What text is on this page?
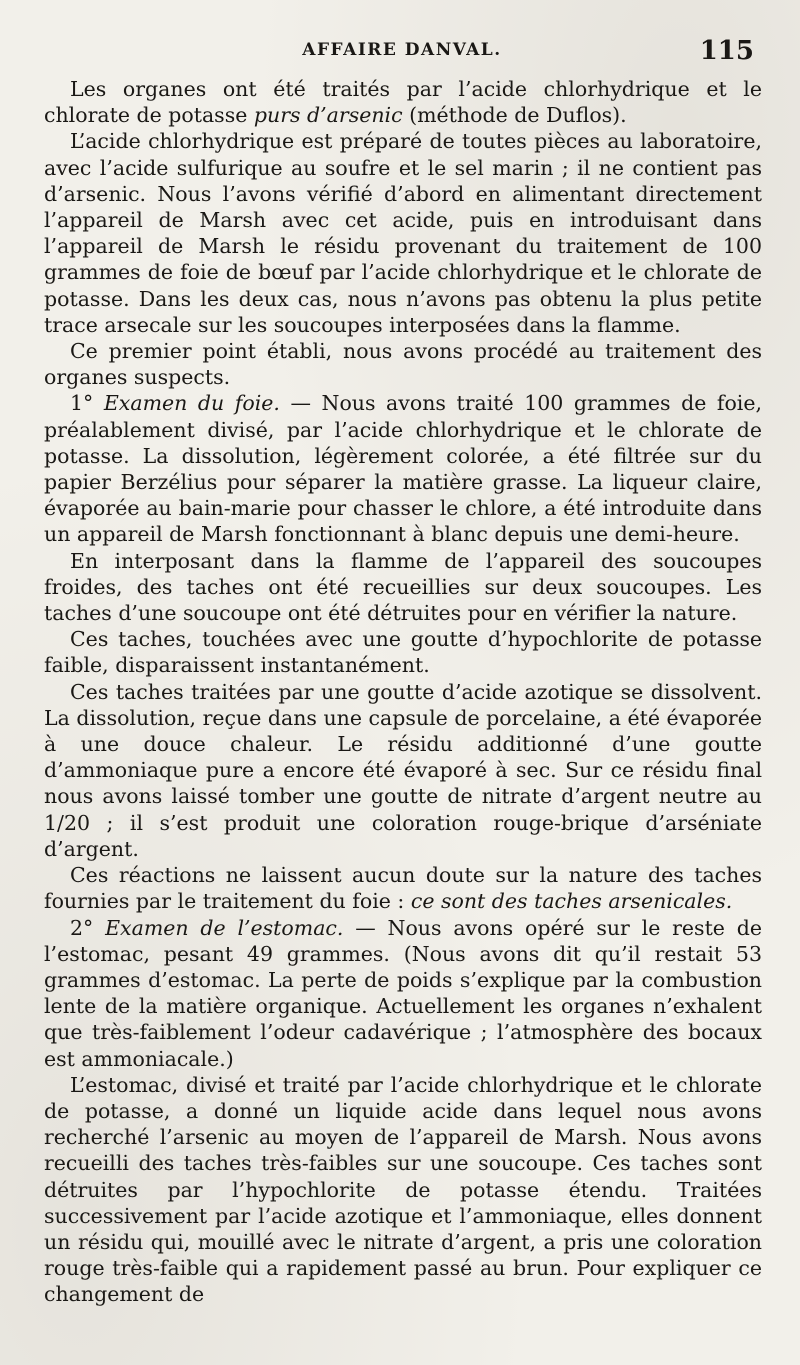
AFFAIRE DANVAL.	115

Les organes ont été traités par l’acide chlorhydrique et le chlorate de potasse purs d’arsenic (méthode de Duflos).

L’acide chlorhydrique est préparé de toutes pièces au laboratoire, avec l’acide sulfurique au soufre et le sel marin ; il ne contient pas d’arsenic. Nous l’avons vérifié d’abord en alimentant directement l’appareil de Marsh avec cet acide, puis en introduisant dans l’appareil de Marsh le résidu provenant du traitement de 100 grammes de foie de bœuf par l’acide chlorhydrique et le chlorate de potasse. Dans les deux cas, nous n’avons pas obtenu la plus petite trace arsecale sur les soucoupes interposées dans la flamme.

Ce premier point établi, nous avons procédé au traitement des organes suspects.

1° Examen du foie. — Nous avons traité 100 grammes de foie, préalablement divisé, par l’acide chlorhydrique et le chlorate de potasse. La dissolution, légèrement colorée, a été filtrée sur du papier Berzélius pour séparer la matière grasse. La liqueur claire, évaporée au bain-marie pour chasser le chlore, a été introduite dans un appareil de Marsh fonctionnant à blanc depuis une demi-heure.

En interposant dans la flamme de l’appareil des soucoupes froides, des taches ont été recueillies sur deux soucoupes. Les taches d’une soucoupe ont été détruites pour en vérifier la nature.

Ces taches, touchées avec une goutte d’hypochlorite de potasse faible, disparaissent instantanément.

Ces taches traitées par une goutte d’acide azotique se dissolvent. La dissolution, reçue dans une capsule de porcelaine, a été évaporée à une douce chaleur. Le résidu additionné d’une goutte d’ammoniaque pure a encore été évaporé à sec. Sur ce résidu final nous avons laissé tomber une goutte de nitrate d’argent neutre au 1/20 ; il s’est produit une coloration rouge-brique d’arséniate d’argent.

Ces réactions ne laissent aucun doute sur la nature des taches fournies par le traitement du foie : ce sont des taches arsenicales.

2° Examen de l’estomac. — Nous avons opéré sur le reste de l’estomac, pesant 49 grammes. (Nous avons dit qu’il restait 53 grammes d’estomac. La perte de poids s’explique par la combustion lente de la matière organique. Actuellement les organes n’exhalent que très-faiblement l’odeur cadavérique ; l’atmosphère des bocaux est ammoniacale.)

L’estomac, divisé et traité par l’acide chlorhydrique et le chlorate de potasse, a donné un liquide acide dans lequel nous avons recherché l’arsenic au moyen de l’appareil de Marsh. Nous avons recueilli des taches très-faibles sur une soucoupe. Ces taches sont détruites par l’hypochlorite de potasse étendu. Traitées successivement par l’acide azotique et l’ammoniaque, elles donnent un résidu qui, mouillé avec le nitrate d’argent, a pris une coloration rouge très-faible qui a rapidement passé au brun. Pour expliquer ce changement de
